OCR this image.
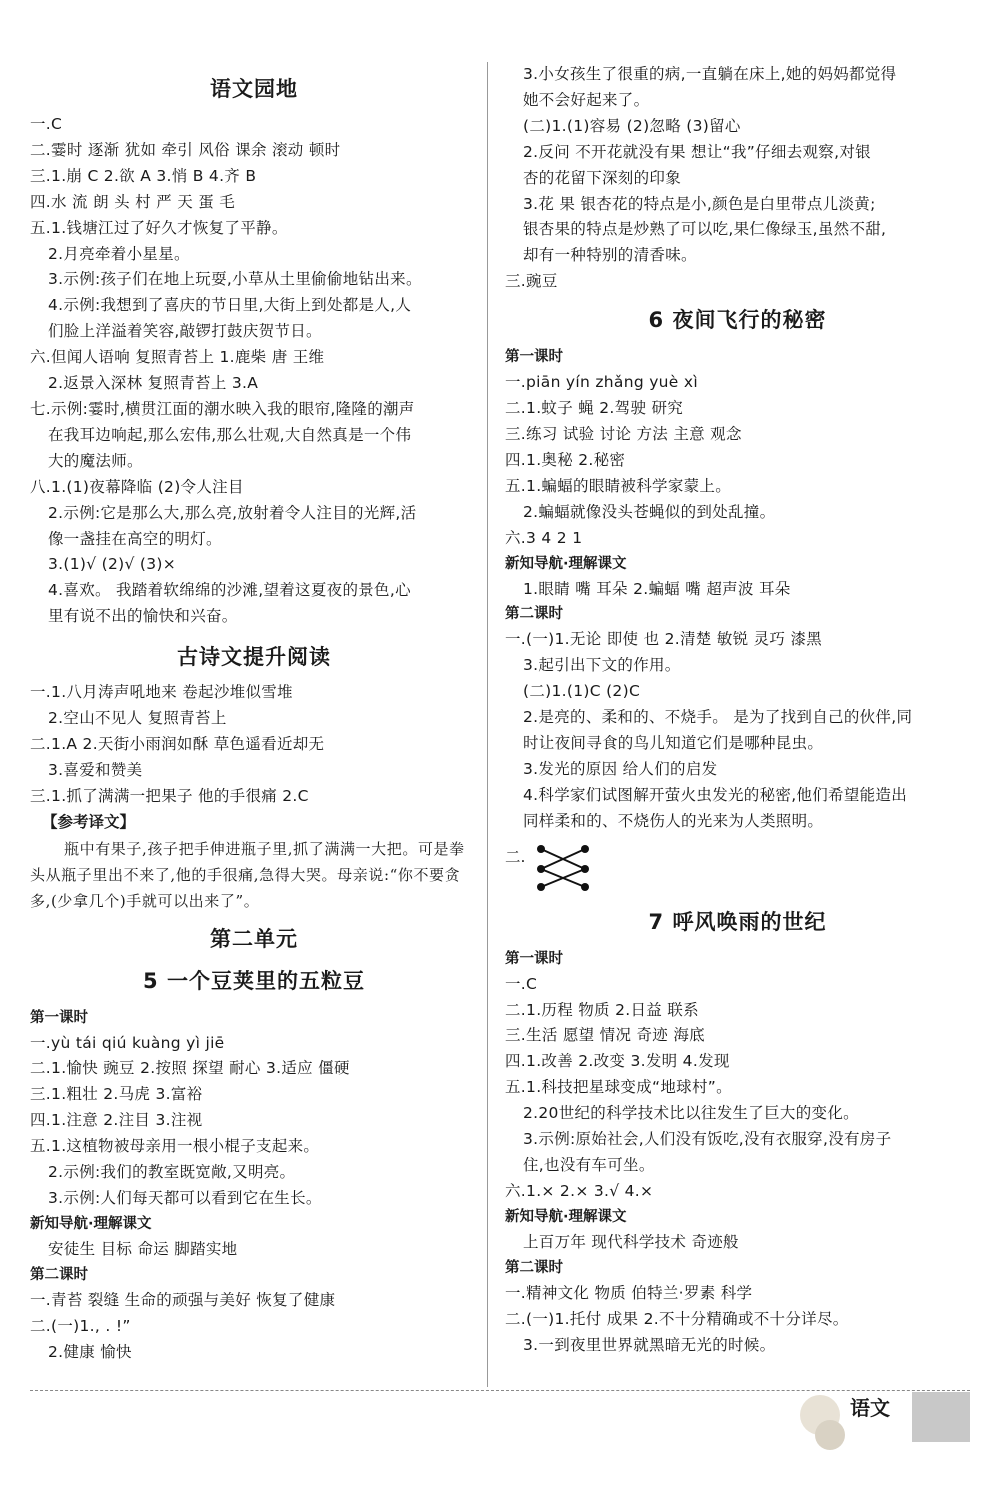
语文园地
一.C
二.霎时 逐渐 犹如 牵引 风俗 课余 滚动 顿时
三.1.崩 C 2.欲 A 3.悄 B 4.齐 B
四.水 流 朗 头 村 严 天 蛋 毛
五.1.钱塘江过了好久才恢复了平静。
2.月亮牵着小星星。
3.示例:孩子们在地上玩耍,小草从土里偷偷地钻出来。
4.示例:我想到了喜庆的节日里,大街上到处都是人,人
们脸上洋溢着笑容,敲锣打鼓庆贺节日。
六.但闻人语响 复照青苔上 1.鹿柴 唐 王维
2.返景入深林 复照青苔上 3.A
七.示例:霎时,横贯江面的潮水映入我的眼帘,隆隆的潮声
在我耳边响起,那么宏伟,那么壮观,大自然真是一个伟
大的魔法师。
八.1.(1)夜幕降临 (2)令人注目
2.示例:它是那么大,那么亮,放射着令人注目的光辉,活
像一盏挂在高空的明灯。
3.(1)√ (2)√ (3)×
4.喜欢。 我踏着软绵绵的沙滩,望着这夏夜的景色,心
里有说不出的愉快和兴奋。
古诗文提升阅读
一.1.八月涛声吼地来 卷起沙堆似雪堆
2.空山不见人 复照青苔上
二.1.A 2.天街小雨润如酥 草色遥看近却无
3.喜爱和赞美
三.1.抓了满满一把果子 他的手很痛 2.C
【参考译文】
瓶中有果子,孩子把手伸进瓶子里,抓了满满一大把。可是拳头从瓶子里出不来了,他的手很痛,急得大哭。母亲说:“你不要贪多,(少拿几个)手就可以出来了”。
第二单元
5 一个豆荚里的五粒豆
第一课时
一.yù tái qiú kuàng yì jiē
二.1.愉快 豌豆 2.按照 探望 耐心 3.适应 僵硬
三.1.粗壮 2.马虎 3.富裕
四.1.注意 2.注目 3.注视
五.1.这植物被母亲用一根小棍子支起来。
2.示例:我们的教室既宽敞,又明亮。
3.示例:人们每天都可以看到它在生长。
新知导航·理解课文
安徒生 目标 命运 脚踏实地
第二课时
一.青苔 裂缝 生命的顽强与美好 恢复了健康
二.(一)1., . !”
2.健康 愉快
3.小女孩生了很重的病,一直躺在床上,她的妈妈都觉得
她不会好起来了。
(二)1.(1)容易 (2)忽略 (3)留心
2.反问 不开花就没有果 想让“我”仔细去观察,对银
杏的花留下深刻的印象
3.花 果 银杏花的特点是小,颜色是白里带点儿淡黄;
银杏果的特点是炒熟了可以吃,果仁像绿玉,虽然不甜,
却有一种特别的清香味。
三.豌豆
6 夜间飞行的秘密
第一课时
一.piān yín zhǎng yuè xì
二.1.蚊子 蝇 2.驾驶 研究
三.练习 试验 讨论 方法 主意 观念
四.1.奥秘 2.秘密
五.1.蝙蝠的眼睛被科学家蒙上。
2.蝙蝠就像没头苍蝇似的到处乱撞。
六.3 4 2 1
新知导航·理解课文
1.眼睛 嘴 耳朵 2.蝙蝠 嘴 超声波 耳朵
第二课时
一.(一)1.无论 即使 也 2.清楚 敏锐 灵巧 漆黑
3.起引出下文的作用。
(二)1.(1)C (2)C
2.是亮的、柔和的、不烧手。 是为了找到自己的伙伴,同
时让夜间寻食的鸟儿知道它们是哪种昆虫。
3.发光的原因 给人们的启发
4.科学家们试图解开萤火虫发光的秘密,他们希望能造出
同样柔和的、不烧伤人的光来为人类照明。
二.
7 呼风唤雨的世纪
第一课时
一.C
二.1.历程 物质 2.日益 联系
三.生活 愿望 情况 奇迹 海底
四.1.改善 2.改变 3.发明 4.发现
五.1.科技把星球变成“地球村”。
2.20世纪的科学技术比以往发生了巨大的变化。
3.示例:原始社会,人们没有饭吃,没有衣服穿,没有房子
住,也没有车可坐。
六.1.× 2.× 3.√ 4.×
新知导航·理解课文
上百万年 现代科学技术 奇迹般
第二课时
一.精神文化 物质 伯特兰·罗素 科学
二.(一)1.托付 成果 2.不十分精确或不十分详尽。
3.一到夜里世界就黑暗无光的时候。
语文
